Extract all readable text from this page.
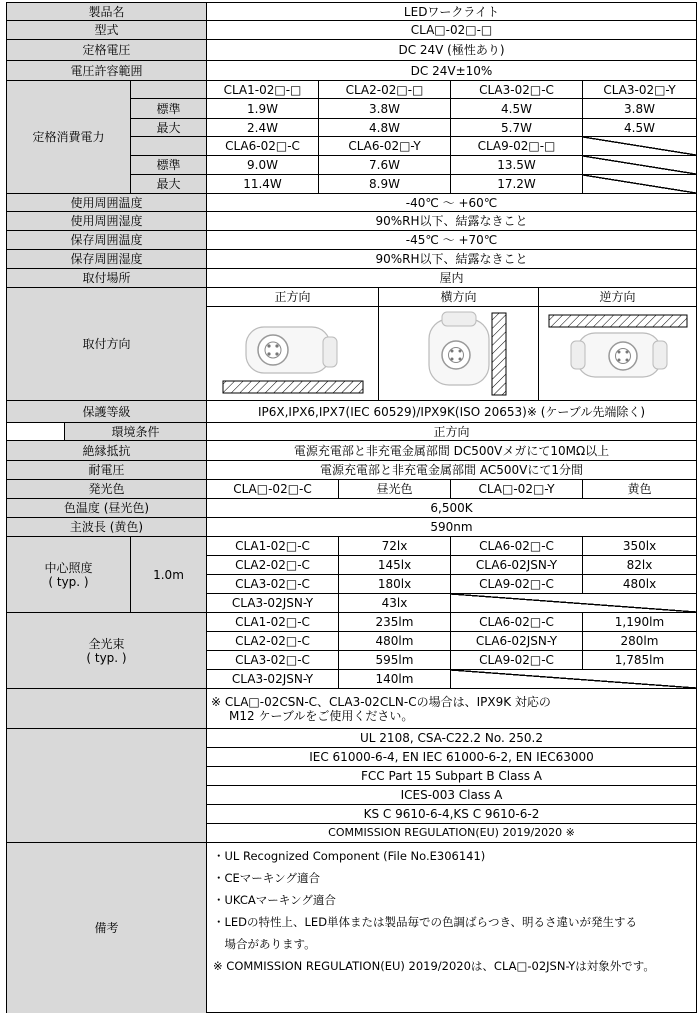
製品名	LEDワークライト
型式	CLA□-02□-□
定格電圧	DC 24V (極性あり)
電圧許容範囲	DC 24V±10%
定格消費電力
CLA1-02□-□	CLA2-02□-□	CLA3-02□-C	CLA3-02□-Y
標準	1.9W	3.8W	4.5W	3.8W
最大	2.4W	4.8W	5.7W	4.5W
CLA6-02□-C	CLA6-02□-Y	CLA9-02□-□
標準	9.0W	7.6W	13.5W
最大	11.4W	8.9W	17.2W
使用周囲温度	-40℃ ～ +60℃
使用周囲湿度	90%RH以下、結露なきこと
保存周囲温度	-45℃ ～ +70℃
保存周囲湿度	90%RH以下、結露なきこと
取付場所	屋内
取付方向
正方向	横方向	逆方向
保護等級	IP6X,IPX6,IPX7(IEC 60529)/IPX9K(ISO 20653)※ (ケーブル先端除く)
環境条件	正方向
絶縁抵抗	電源充電部と非充電金属部間 DC500Vメガにて10MΩ以上
耐電圧	電源充電部と非充電金属部間 AC500Vにて1分間
発光色	CLA□-02□-C	昼光色	CLA□-02□-Y	黄色
色温度 (昼光色)	6,500K
主波長 (黄色)	590nm
中心照度
( typ. )	1.0m
CLA1-02□-C	72lx	CLA6-02□-C	350lx
CLA2-02□-C	145lx	CLA6-02JSN-Y	82lx
CLA3-02□-C	180lx	CLA9-02□-C	480lx
CLA3-02JSN-Y	43lx
全光束
( typ. )
CLA1-02□-C	235lm	CLA6-02□-C	1,190lm
CLA2-02□-C	480lm	CLA6-02JSN-Y	280lm
CLA3-02□-C	595lm	CLA9-02□-C	1,785lm
CLA3-02JSN-Y	140lm
※ CLA□-02CSN-C、CLA3-02CLN-Cの場合は、IPX9K 対応の
M12 ケーブルをご使用ください。
UL 2108, CSA-C22.2 No. 250.2
IEC 61000-6-4, EN IEC 61000-6-2, EN IEC63000
FCC Part 15 Subpart B Class A
ICES-003 Class A
KS C 9610-6-4,KS C 9610-6-2
COMMISSION REGULATION(EU) 2019/2020 ※
備考
・UL Recognized Component (File No.E306141)
・CEマーキング適合
・UKCAマーキング適合
・LEDの特性上、LED単体または製品毎での色調ばらつき、明るさ違いが発生する
　場合があります。
※ COMMISSION REGULATION(EU) 2019/2020は、CLA□-02JSN-Yは対象外です。
